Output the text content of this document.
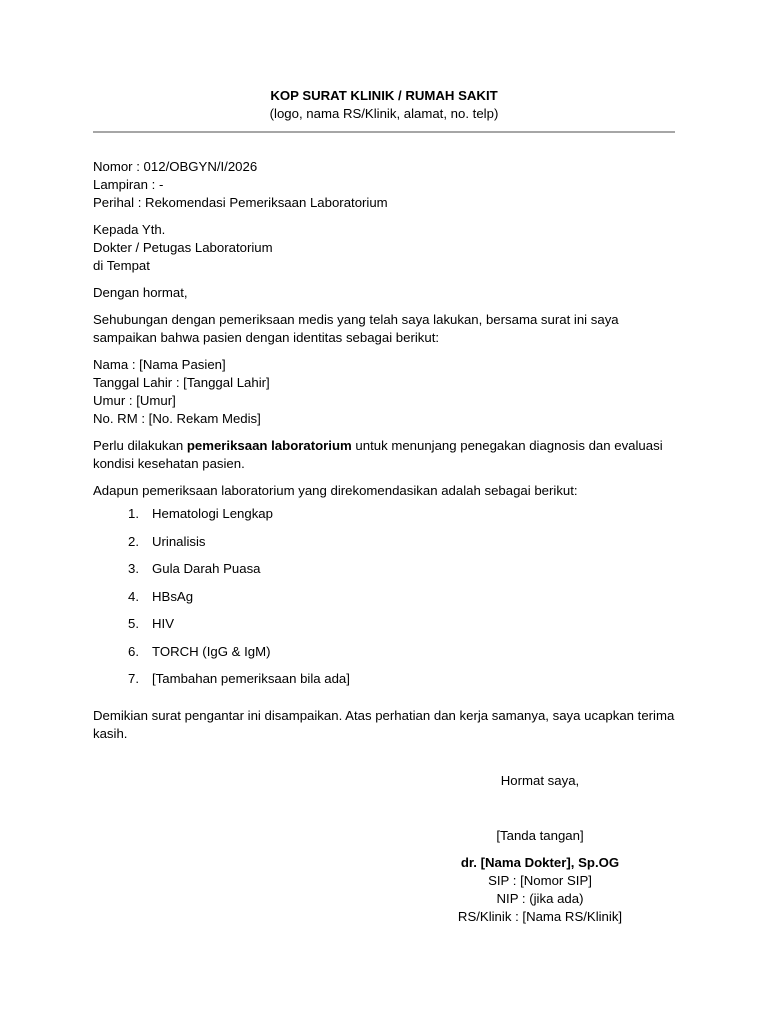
KOP SURAT KLINIK / RUMAH SAKIT
(logo, nama RS/Klinik, alamat, no. telp)

Nomor : 012/OBGYN/I/2026
Lampiran : -
Perihal : Rekomendasi Pemeriksaan Laboratorium

Kepada Yth.
Dokter / Petugas Laboratorium
di Tempat

Dengan hormat,

Sehubungan dengan pemeriksaan medis yang telah saya lakukan, bersama surat ini saya sampaikan bahwa pasien dengan identitas sebagai berikut:

Nama : [Nama Pasien]
Tanggal Lahir : [Tanggal Lahir]
Umur : [Umur]
No. RM : [No. Rekam Medis]

Perlu dilakukan pemeriksaan laboratorium untuk menunjang penegakan diagnosis dan evaluasi kondisi kesehatan pasien.

Adapun pemeriksaan laboratorium yang direkomendasikan adalah sebagai berikut:

1. Hematologi Lengkap
2. Urinalisis
3. Gula Darah Puasa
4. HBsAg
5. HIV
6. TORCH (IgG & IgM)
7. [Tambahan pemeriksaan bila ada]

Demikian surat pengantar ini disampaikan. Atas perhatian dan kerja samanya, saya ucapkan terima kasih.

Hormat saya,
[Tanda tangan]
dr. [Nama Dokter], Sp.OG
SIP : [Nomor SIP]
NIP : (jika ada)
RS/Klinik : [Nama RS/Klinik]
